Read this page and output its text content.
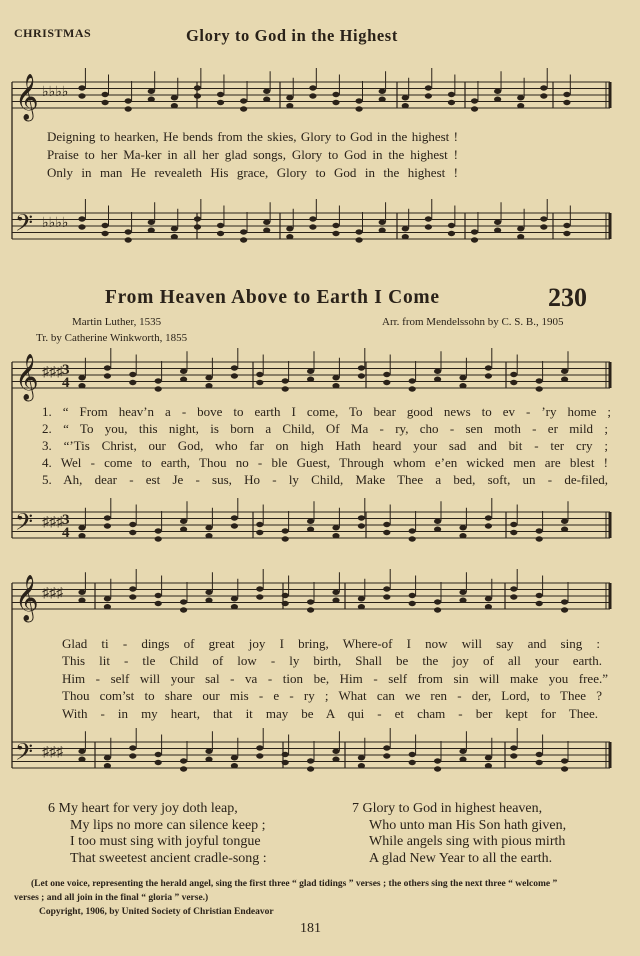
𝄞 ♭♭♭♭
𝄢 ♭♭♭♭
𝄞 ♯♯♯
𝄢 ♯♯♯
𝄞 ♯♯♯
𝄢 ♯♯♯
3
4
3
4
CHRISTMAS	Glory to God in the Highest
Deigning to hearken, He bends from the skies, Glory to God in the highest !
Praise to her Ma-ker in all her glad songs, Glory to God in the highest !
Only in man He revealeth His grace, Glory to God in the highest !
From Heaven Above to Earth I Come	230
Martin Luther, 1535
Tr. by Catherine Winkworth, 1855
Arr. from Mendelssohn by C. S. B., 1905
1. “ From heav’n a - bove to earth I come, To bear good news to ev - ’ry home ;
2. “ To you, this night, is born a Child, Of Ma - ry, cho - sen moth - er mild ;
3. “’Tis Christ, our God, who far on high Hath heard your sad and bit - ter cry ;
4. Wel - come to earth, Thou no - ble Guest, Through whom e’en wicked men are blest !
5. Ah, dear - est Je - sus, Ho - ly Child, Make Thee a bed, soft, un - de-filed,
Glad ti - dings of great joy I bring, Where-of I now will say and sing :
This lit - tle Child of low - ly birth, Shall be the joy of all your earth.
Him - self will your sal - va - tion be, Him - self from sin will make you free.”
Thou com’st to share our mis - e - ry ; What can we ren - der, Lord, to Thee ?
With - in my heart, that it may be A qui - et cham - ber kept for Thee.
6 My heart for very joy doth leap,
My lips no more can silence keep ;
I too must sing with joyful tongue
That sweetest ancient cradle-song :
7 Glory to God in highest heaven,
Who unto man His Son hath given,
While angels sing with pious mirth
A glad New Year to all the earth.
(Let one voice, representing the herald angel, sing the first three “ glad tidings ” verses ; the others sing the next three “ welcome ”
verses ; and all join in the final “ gloria ” verse.)
Copyright, 1906, by United Society of Christian Endeavor
181
